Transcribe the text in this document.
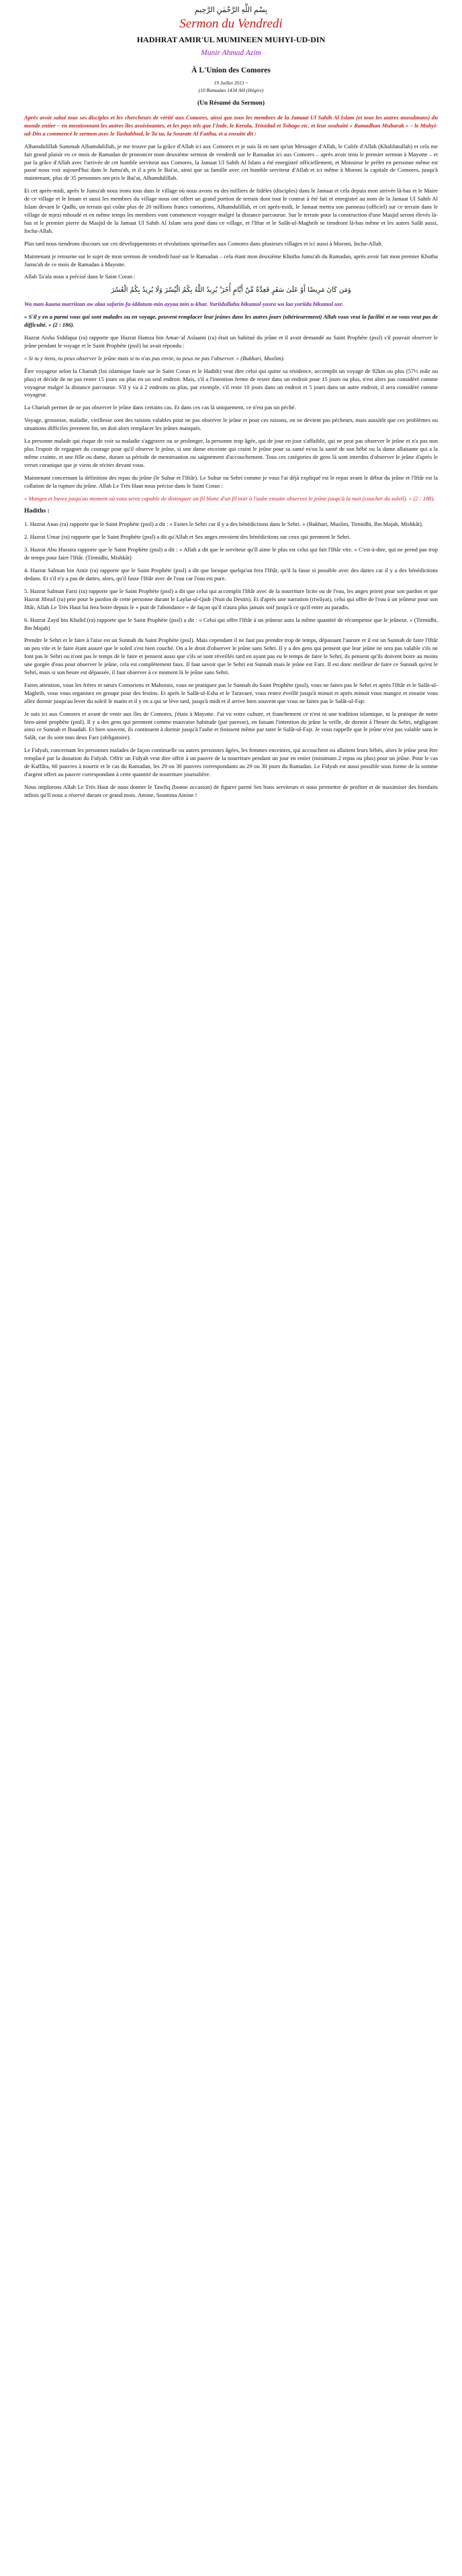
بِسْمِ اللَّهِ الرَّحْمٰنِ الرَّحِيمِ
Sermon du Vendredi
HADHRAT AMIR'UL MUMINEEN MUHYI-UD-DIN
Munir Ahmad Azim
À L'Union des Comores
19 Juillet 2013 ~
(10 Ramadan 1434 AH (Hégire)
(Un Résumé du Sermon)

Après avoir salué tous ses disciples et les chercheurs de vérité aux Comores, ainsi que tous les membres de la Jamaat Ul Sahih Al Islam (et tous les autres musulmans) du monde entier – en mentionnant les autres îles avoisinantes, et les pays tels que l'Inde, le Kerala, Trinidad et Tobago etc. et leur souhaité « Ramadhan Mubarak » – le Muhyi-ud-Din a commencé le sermon avec le Tashahhud, le Ta'uz, la Sourate Al Fatiha, et a ensuite dit :

Alhamdulillah Summah Alhamdulillah, je me trouve par la grâce d'Allah ici aux Comores et je suis là en tant qu'un Messager d'Allah, le Calife d'Allah (Khalifatullah) et cela me fait grand plaisir en ce mois de Ramadan de prononcer mon deuxième sermon de vendredi sur le Ramadan ici aux Comores – après avoir tenu le premier sermon à Mayotte – et par la grâce d'Allah avec l'arrivée de cet humble serviteur aux Comores, la Jamaat Ul Sahih Al Islam a été enregistré officiellement, et Monsieur le préfet en personne même est passé nous voir aujourd'hui dans le Jumu'ah, et il a pris le Bai'at, ainsi que sa famille avec cet humble serviteur d'Allah et ici même à Moroni la capitale de Comores, jusqu'à maintenant, plus de 35 personnes ont pris le Bai'at, Alhamdulillah.

Et cet après-midi, après le Jumu'ah nous irons tous dans le village où nous avons eu des milliers de fidèles (disciples) dans le Jamaat et cela depuis mon arrivée là-bas et le Maire de ce village et le Imam et aussi les membres du village nous ont offert un grand portion de terrain dont tout le contrat à été fait et enregistré au nom de la Jamaat Ul Sahih Al Islam devant le Qadhi, un terrain qui coûte plus de 20 millions francs comoriens, Alhamdulillah, et cet après-midi, le Jamaat mettra son panneau (officiel) sur ce terrain dans le village de mjezi mboudé et en même temps les membres vont commencer voyager malgré la distance parcourue. Sur le terrain pour la construction d'une Masjid seront élevés là-bas et le premier pierre du Masjid de la Jamaat Ul Sahih Al Islam sera posé dans ce village, et l'Iftar et le Salât-ul-Maghrib se tiendront là-bas même et les autres Salât aussi, Incha-Allah.

Plus tard nous tiendrons discours sur ces développements et révolutions spirituelles aux Comores dans plusieurs villages et ici aussi à Moroni, Incha-Allah.

Maintenant je retourne sur le sujet de mon sermon de vendredi basé sur le Ramadan – cela étant mon deuxième Khutba Jumu'ah du Ramadan, après avoir fait mon premier Khutba Jumu'ah de ce mois de Ramadan à Mayotte.

Allah Ta'ala nous a précisé dans le Saint Coran :

وَمَن كَانَ مَرِيضًا أَوْ عَلَىٰ سَفَرٍ فَعِدَّةٌ مِّنْ أَيَّامٍ أُخَرَ ۗ يُرِيدُ اللَّهُ بِكُمُ الْيُسْرَ وَلَا يُرِيدُ بِكُمُ الْعُسْرَ

Wa man-kaana marriizan aw alaa safarin-fa-iddatum-min ayyaa min u-khar. Yuriidullahu bikumul-yusra wa laa yuriidu bikumul usr.

« S'il y en a parmi vous qui sont malades ou en voyage, peuvent remplacer leur jeûnes dans les autres jours (ultérieurement) Allah vous veut la facilité et ne vous veut pas de difficulté. » (2 : 186).

Hazrat Aisha Siddiqua (ra) rapporte que Hazrat Hamza bin Amar-'al Aslaami (ra) était un habitué du jeûne et il avait demandé au Saint Prophète (pssl) s'il pouvait observer le jeûne pendant le voyage et le Saint Prophète (pssl) lui avait répondu :

« Si tu y tiens, tu peux observer le jeûne mais si tu n'as pas envie, tu peux ne pas l'observer. » (Bukhari, Muslim).

Être voyageur selon la Chariah (loi islamique basée sur le Saint Coran et le Hadith) veut dire celui qui quitte sa résidence, accomplit un voyage de 92km ou plus (57½ mile ou plus) et décide de ne pas rester 15 jours ou plus en un seul endroit. Mais, s'il a l'intention ferme de rester dans un endroit pour 15 jours ou plus, n'est alors pas considéré comme voyageur malgré la distance parcourue. S'il y va à 2 endroits ou plus, par exemple, s'il reste 10 jours dans un endroit et 5 jours dans un autre endroit, il sera considéré comme voyageur.

La Chariah permet de ne pas observer le jeûne dans certains cas. Et dans ces cas là uniquement, ce n'est pas un péché.

Voyage, grossesse, maladie, vieillesse sont des raisons valables pour ne pas observer le jeûne et pour ces raisons, on ne devient pas pécheurs, mais aussitôt que ces problèmes ou situations difficiles prennent fin, on doit alors remplacer les jeûnes manqués.

La personne malade qui risque de voir sa maladie s'aggraver ou se prolonger, la personne trop âgée, qui de jour en jour s'affaiblit, qui ne peut pas observer le jeûne et n'a pas non plus l'espoir de regagner du courage pour qu'il observe le jeûne, si une dame enceinte qui craint le jeûne pour sa santé et/ou la santé de son bébé ou la dame allaitante qui a la même crainte, et une fille ou dame, durant sa période de menstruation ou saignement d'accouchement. Tous ces catégories de gens là sont interdits d'observer le jeûne d'après le verset coranique que je viens de réciter devant vous.

Maintenant concernant la définition des repas du jeûne (le Suhur et l'Iftâr). Le Suhur ou Sehri comme je vous l'ai déjà expliqué est le repas avant le début du jeûne et l'Iftâr est la collation de la rupture du jeûne. Allah Le Très Haut nous précise dans le Saint Coran :

« Mangez et buvez jusqu'au moment où vous serez capable de distinguer un fil blanc d'un fil noir à l'aube ensuite observez le jeûne jusqu'à la nuit (coucher du soleil). » (2 : 188).

Hadiths :

1. Hazrat Anas (ra) rapporte que le Saint Prophète (pssl) a dit : « Faites le Sehri car il y a des bénédictions dans le Sehri. » (Bukhari, Muslim, Tirmidhi, Ibn Majah, Mishkât).

2. Hazrat Umar (ra) rapporte que le Saint Prophète (pssl) a dit qu'Allah et Ses anges envoient des bénédictions sur ceux qui prennent le Sehri.

3. Hazrat Abu Huraira rapporte que le Saint Prophète (pssl) a dit : « Allah a dit que le serviteur qu'Il aime le plus est celui qui fait l'Iftâr vite. » C'est-à-dire, qui ne prend pas trop de temps pour faire l'Iftâr. (Tirmidhi, Mishkât)

4. Hazrat Salman bin Amir (ra) rapporte que le Saint Prophète (pssl) a dit que lorsque quelqu'un fera l'Iftâr, qu'il la fasse si possible avec des dattes car il y a des bénédictions dedans. Et s'il n'y a pas de dattes, alors, qu'il fasse l'Iftâr avec de l'eau car l'eau est pure.

5. Hazrat Salman Farsi (ra) rapporte que le Saint Prophète (pssl) a dit que celui qui accomplit l'Iftâr avec de la nourriture licite ou de l'eau, les anges prient pour son pardon et que Hazrat Jibrail (ra) prie pour le pardon de cette personne durant le Laylat-ul-Qadr (Nuit du Destin). Et d'après une narration (riwâyat), celui qui offre de l'eau à un jeûneur pour son Iftâr, Allah Le Très Haut lui fera boire depuis le « puit de l'abondance » de façon qu'il n'aura plus jamais soif jusqu'à ce qu'il entre au paradis.

6. Hazrat Zayd bin Khalid (ra) rapporte que le Saint Prophète (pssl) a dit : « Celui qui offre l'Iftâr à un jeûneur aura la même quantité de récompense que le jeûneur. » (Tirmidhi, Ibn Majah)

Prendre le Sehri et le faire à l'aise est un Sunnah du Saint Prophète (pssl). Mais cependant il ne faut pas prendre trop de temps, dépassant l'aurore et il est un Sunnah de faire l'Iftâr un peu vite et le faire étant assuré que le soleil s'est bien couché. On a le droit d'observer le jeûne sans Sehri. Il y a des gens qui pensent que leur jeûne ne sera pas valable s'ils ne font pas le Sehri ou n'ont pas le temps de le faire et pensent aussi que s'ils se sont réveillés tard en ayant pas eu le temps de faire le Sehri, ils pensent qu'ils doivent boire au moins une gorgée d'eau pour observer le jeûne, cela est complètement faux. Il faut savoir que le Sehri est Sunnah mais le jeûne est Farz. Il est donc meilleur de faire ce Sunnah qu'est le Sehri, mais si son heure est dépassée, il faut observer à ce moment là le jeûne sans Sehri.

Faites attention, vous les frères et sœurs Comoriens et Mahorais, vous ne pratiquez pas le Sunnah du Saint Prophète (pssl), vous ne faites pas le Sehri et après l'Iftâr et le Salât-ul-Maghrib, vous vous organisez en groupe pour des festins. Et après le Salât-ul-Esha et le Taravaee, vous restez éveillé jusqu'à minuit et après minuit vous mangez et ensuite vous allez dormir jusqu'au lever du soleil le matin et il y en a qui se lève tard, jusqu'à midi et il arrive bien souvent que vous ne faites pas le Salât-ul-Fajr.

Je suis ici aux Comores et avant de venir aux îles de Comores, j'étais à Mayotte. J'ai vu votre culture, et franchement ce n'est ni une tradition islamique, ni la pratique de notre bien-aimé prophète (pssl). Il y a des gens qui prennent comme mauvaise habitude (par paresse), en faisant l'intention du jeûne la veille, de dormir à l'heure du Sehri, négligeant ainsi ce Sunnah et Ibaadah. Et bien souvent, ils continuent à dormir jusqu'à l'aube et finissent même par rater le Salât-ul-Fajr. Je vous rappelle que le jeûne n'est pas valable sans le Salât, car ils sont tous deux Farz (obligatoire).

Le Fidyah, concernant les personnes malades de façon continuelle ou autres personnes âgées, les femmes enceintes, qui accouchent ou allaitent leurs bébés, alors le jeûne peut être remplacé par la donation du Fidyah. Offrir un Fidyah veut dire offrir à un pauvre de la nourriture pendant un jour en entier (minimum 2 repas ou plus) pour un jeûne. Pour le cas de Kaffâra, 60 pauvres à nourrir et le cas du Ramadan, les 29 ou 30 pauvres correspondants au 29 ou 30 jours du Ramadan. Le Fidyah est aussi possible sous forme de la somme d'argent offert au pauvre correspondant à cette quantité de nourriture journalière.

Nous implorons Allah Le Très Haut de nous donner le Tawfiq (bonne occasion) de figurer parmi Ses bons serviteurs et nous permettre de profiter et de maximiser des bienfaits infinis qu'Il nous a réservé durant ce grand mois. Amine, Soumma Amine !
